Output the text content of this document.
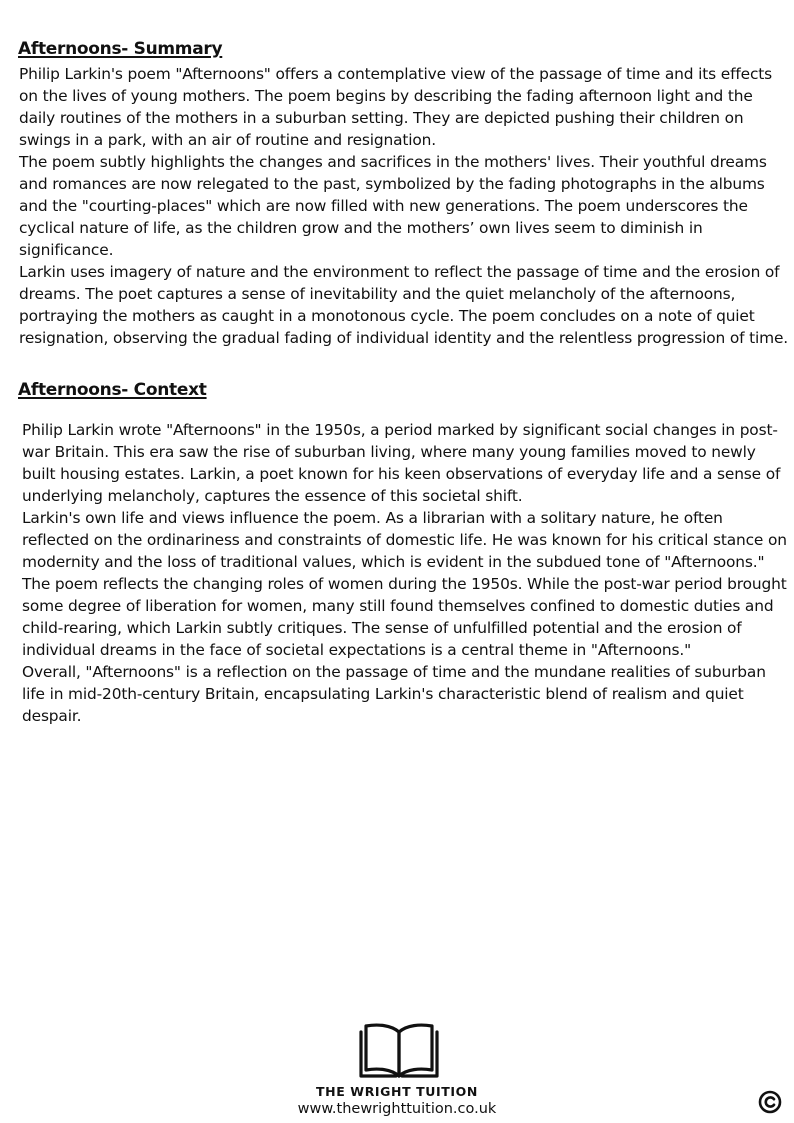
Afternoons- Summary

Philip Larkin's poem "Afternoons" offers a contemplative view of the passage of time and its effects on the lives of young mothers. The poem begins by describing the fading afternoon light and the daily routines of the mothers in a suburban setting. They are depicted pushing their children on swings in a park, with an air of routine and resignation.

The poem subtly highlights the changes and sacrifices in the mothers' lives. Their youthful dreams and romances are now relegated to the past, symbolized by the fading photographs in the albums and the "courting-places" which are now filled with new generations. The poem underscores the cyclical nature of life, as the children grow and the mothers’ own lives seem to diminish in significance.

Larkin uses imagery of nature and the environment to reflect the passage of time and the erosion of dreams. The poet captures a sense of inevitability and the quiet melancholy of the afternoons, portraying the mothers as caught in a monotonous cycle. The poem concludes on a note of quiet resignation, observing the gradual fading of individual identity and the relentless progression of time.

Afternoons- Context

Philip Larkin wrote "Afternoons" in the 1950s, a period marked by significant social changes in post-war Britain. This era saw the rise of suburban living, where many young families moved to newly built housing estates. Larkin, a poet known for his keen observations of everyday life and a sense of underlying melancholy, captures the essence of this societal shift.

Larkin's own life and views influence the poem. As a librarian with a solitary nature, he often reflected on the ordinariness and constraints of domestic life. He was known for his critical stance on modernity and the loss of traditional values, which is evident in the subdued tone of "Afternoons."

The poem reflects the changing roles of women during the 1950s. While the post-war period brought some degree of liberation for women, many still found themselves confined to domestic duties and child-rearing, which Larkin subtly critiques. The sense of unfulfilled potential and the erosion of individual dreams in the face of societal expectations is a central theme in "Afternoons."

Overall, "Afternoons" is a reflection on the passage of time and the mundane realities of suburban life in mid-20th-century Britain, encapsulating Larkin's characteristic blend of realism and quiet despair.

THE WRIGHT TUITION
www.thewrighttuition.co.uk
